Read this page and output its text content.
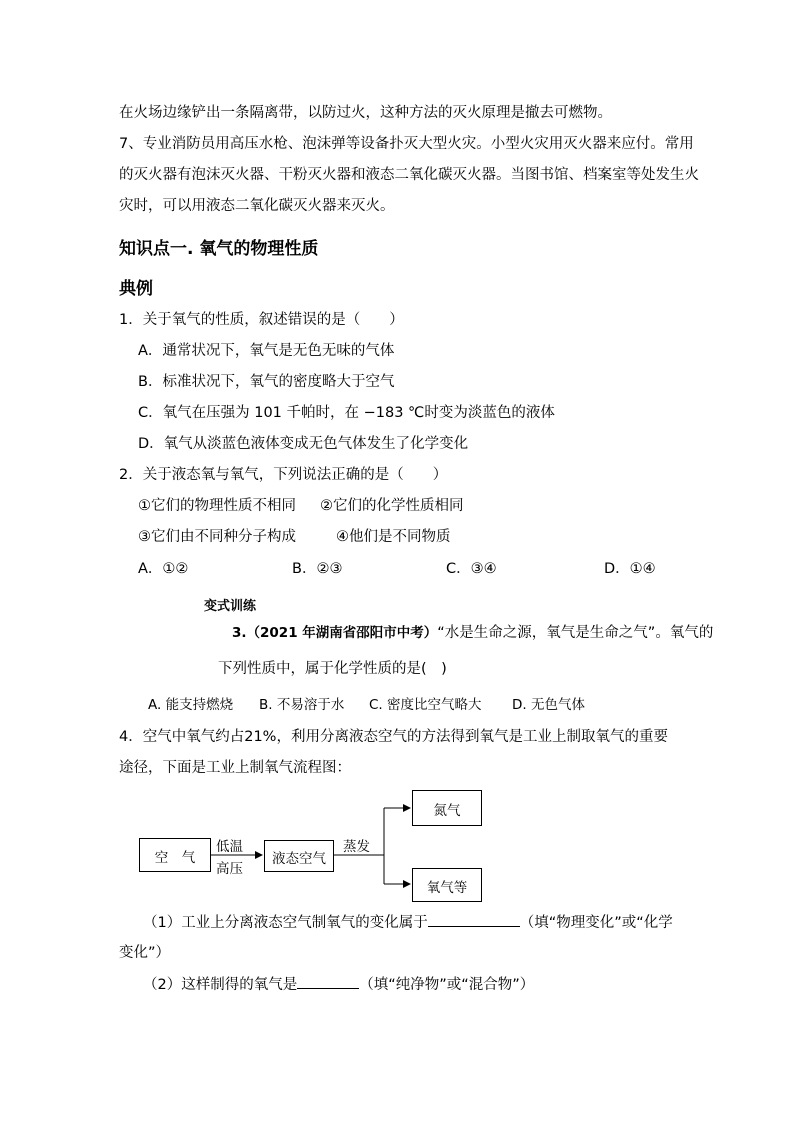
在火场边缘铲出一条隔离带，以防过火，这种方法的灭火原理是撤去可燃物。
7、专业消防员用高压水枪、泡沫弹等设备扑灭大型火灾。小型火灾用灭火器来应付。常用
的灭火器有泡沫灭火器、干粉灭火器和液态二氧化碳灭火器。当图书馆、档案室等处发生火
灾时，可以用液态二氧化碳灭火器来灭火。
知识点一. 氧气的物理性质
典例
1．关于氧气的性质，叙述错误的是（　　）
A．通常状况下，氧气是无色无味的气体
B．标准状况下，氧气的密度略大于空气
C．氧气在压强为 101 千帕时，在 −183 ℃时变为淡蓝色的液体
D．氧气从淡蓝色液体变成无色气体发生了化学变化
2．关于液态氧与氧气，下列说法正确的是（　　）
①它们的物理性质不相同 ②它们的化学性质相同
③它们由不同种分子构成	④他们是不同物质
A．①②	B．②③	C．③④	D．①④
变式训练
3.（2021 年湖南省邵阳市中考）“水是生命之源，氧气是生命之气”。氧气的
下列性质中，属于化学性质的是(　)
A. 能支持燃烧 B. 不易溶于水 C. 密度比空气略大 D. 无色气体
4．空气中氧气约占21%，利用分离液态空气的方法得到氧气是工业上制取氧气的重要
途径，下面是工业上制氧气流程图：
空　气
低温
高压
液态空气
蒸发
氮气
氧气等
（1）工业上分离液态空气制氧气的变化属于	（填“物理变化”或“化学
变化”）
（2）这样制得的氧气是	（填“纯净物”或“混合物”）
